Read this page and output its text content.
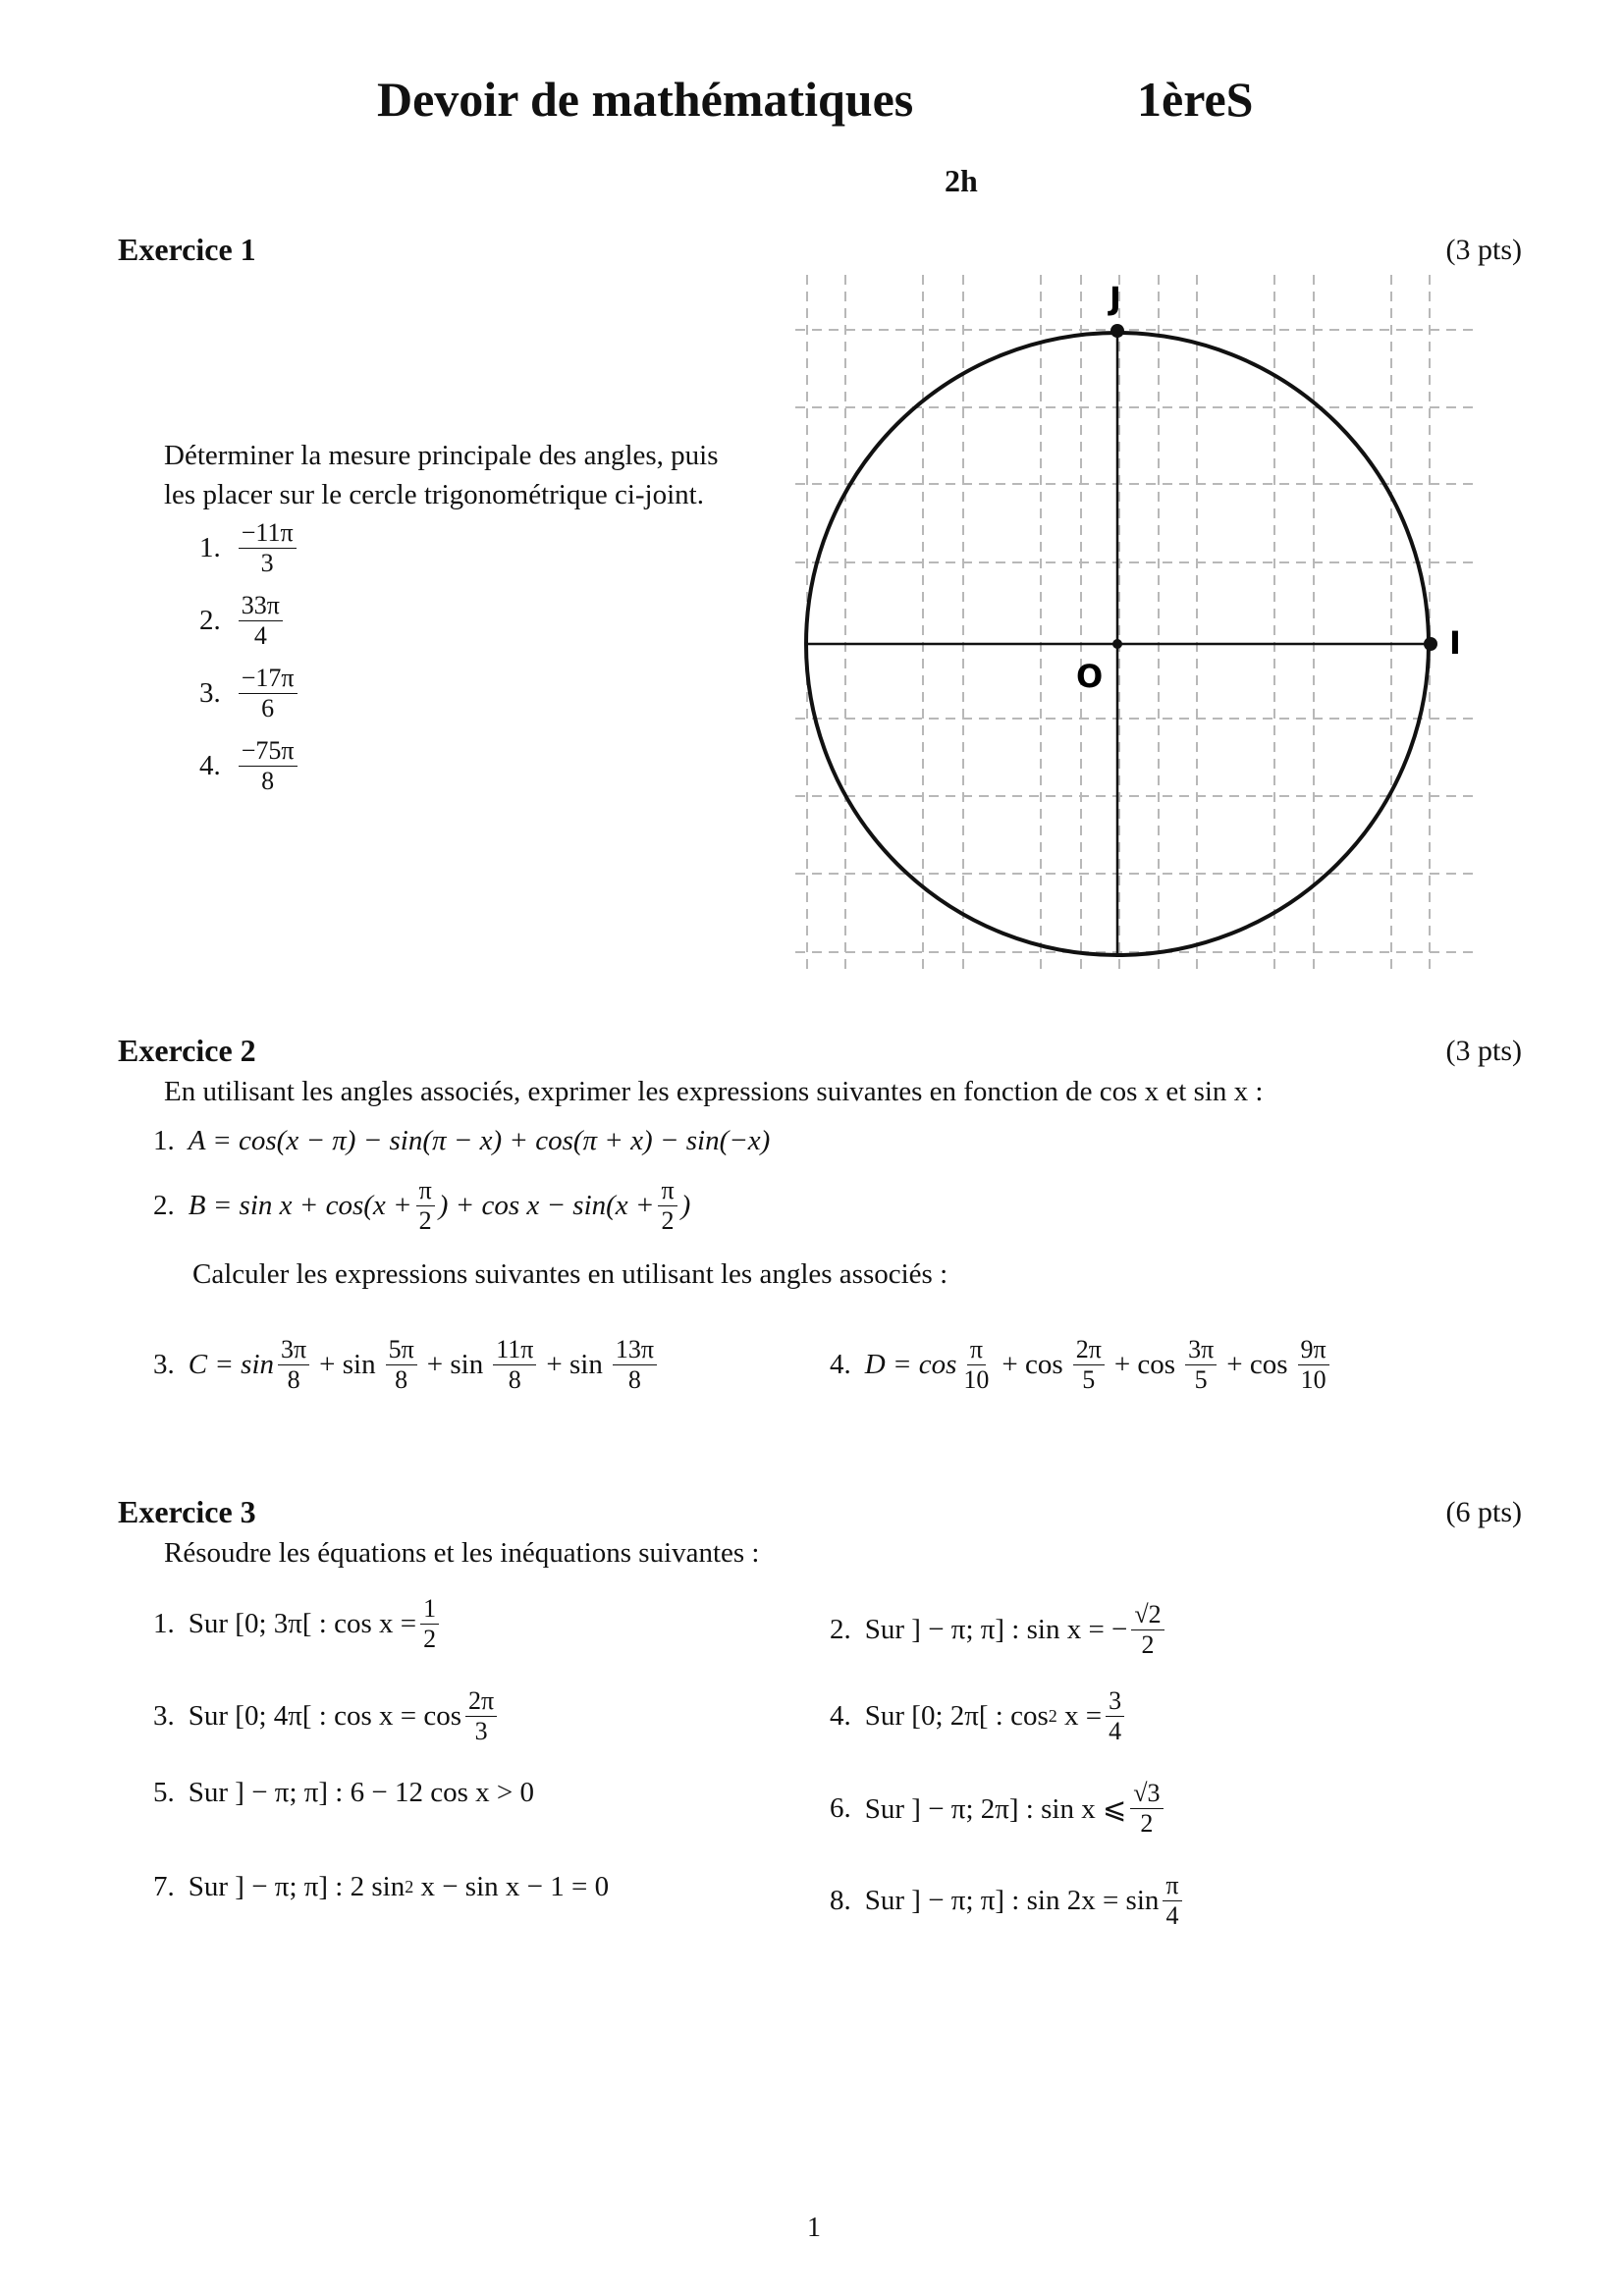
Devoir de mathématiques	1èreS
2h
Exercice 1	(3 pts)
Déterminer la mesure principale des angles, puis
les placer sur le cercle trigonométrique ci-joint.
1. $\frac{-11\pi}{3}$
2. $\frac{33\pi}{4}$
3. $\frac{-17\pi}{6}$
4. $\frac{-75\pi}{8}$
O
I
J
Exercice 2	(3 pts)
En utilisant les angles associés, exprimer les expressions suivantes en fonction de cos x et sin x :
1. A = cos(x − π) − sin(π − x) + cos(π + x) − sin(−x)
2. $B = \sin x + \cos(x + \frac{\pi}{2}$ ) + $\cos x - \sin(x + \frac{\pi}{2}$ )
Calculer les expressions suivantes en utilisant les angles associés :
3. $C = \sin \frac{3\pi}{8} + \sin \frac{5\pi}{8} + \sin \frac{11\pi}{8} + \sin \frac{13\pi}{8}$	4. $D = \cos \frac{\pi}{10} + \cos \frac{2\pi}{5} + \cos \frac{3\pi}{5} + \cos \frac{9\pi}{10}$
Exercice 3	(6 pts)
Résoudre les équations et les inéquations suivantes :
1. Sur [0; 3π[ : $\cos x = \frac{1}{2}$	2. Sur ] − π; π] : sin x = − $\frac{√2}{2}$
3. Sur [0; 4π[ : $\cos x = \cos \frac{2\pi}{3}$	4. Sur [0; 2π[ : cos 2
$x = \frac{3}{4}$
5. Sur ] − π; π] : 6 − 12 cos x > 0	6. Sur ] − π; 2π] : sin x ⩽ $\frac{√3}{2}$
7. Sur ] − π; π] : 2 sin 2
x − sin x − 1 = 0	8. Sur ] − π; π] : $\sin 2x = \sin \frac{\pi}{4}$
1
